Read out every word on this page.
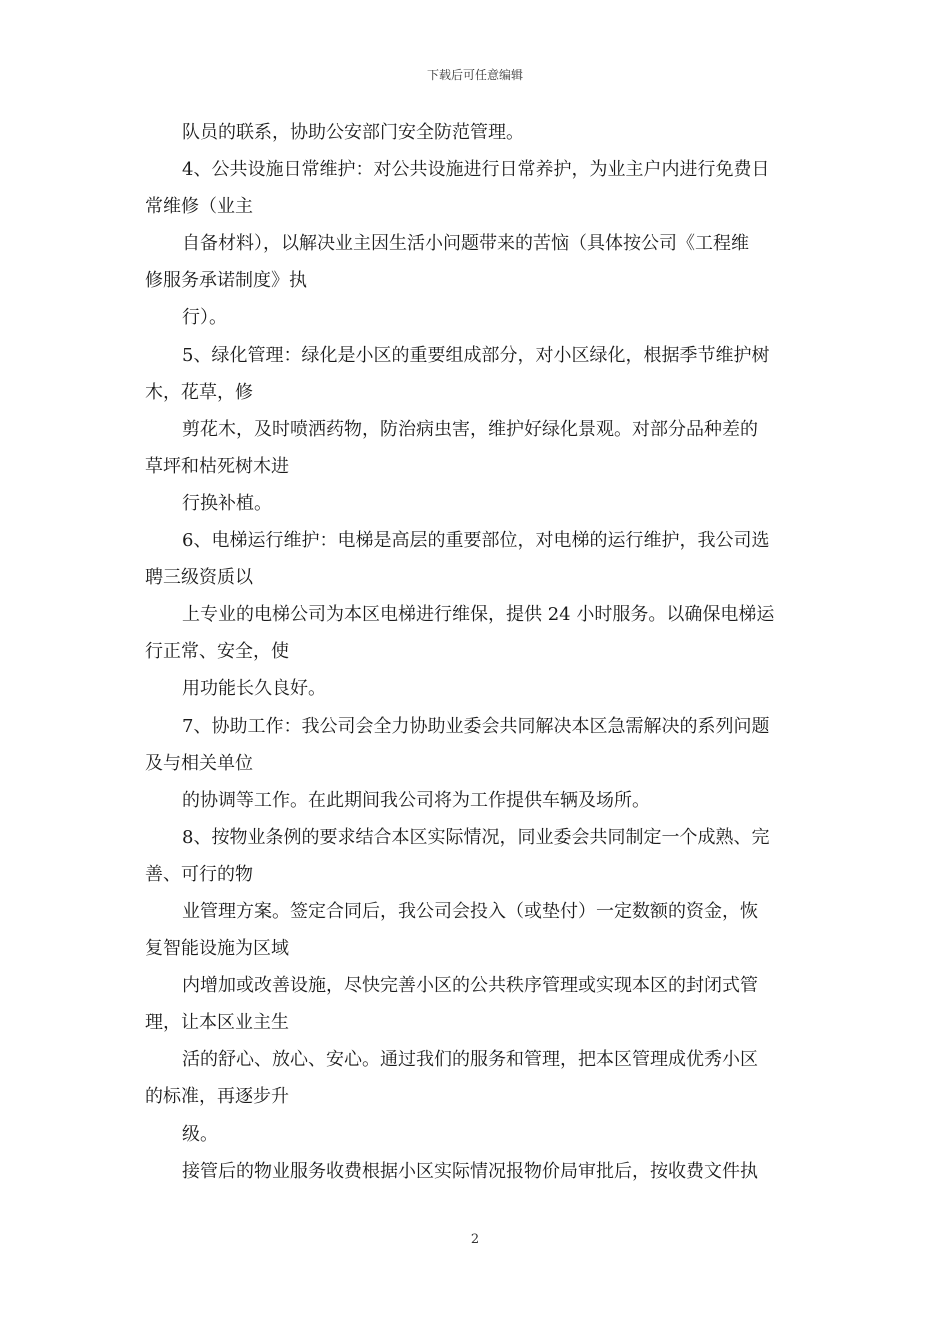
下载后可任意编辑
队员的联系，协助公安部门安全防范管理。
4、公共设施日常维护：对公共设施进行日常养护，为业主户内进行免费日
常维修（业主
自备材料），以解决业主因生活小问题带来的苦恼（具体按公司《工程维
修服务承诺制度》执
行）。
5、绿化管理：绿化是小区的重要组成部分，对小区绿化，根据季节维护树
木，花草，修
剪花木，及时喷洒药物，防治病虫害，维护好绿化景观。对部分品种差的
草坪和枯死树木进
行换补植。
6、电梯运行维护：电梯是高层的重要部位，对电梯的运行维护，我公司选
聘三级资质以
上专业的电梯公司为本区电梯进行维保，提供 24 小时服务。以确保电梯运
行正常、安全，使
用功能长久良好。
7、协助工作：我公司会全力协助业委会共同解决本区急需解决的系列问题
及与相关单位
的协调等工作。在此期间我公司将为工作提供车辆及场所。
8、按物业条例的要求结合本区实际情况，同业委会共同制定一个成熟、完
善、可行的物
业管理方案。签定合同后，我公司会投入（或垫付）一定数额的资金，恢
复智能设施为区域
内增加或改善设施，尽快完善小区的公共秩序管理或实现本区的封闭式管
理，让本区业主生
活的舒心、放心、安心。通过我们的服务和管理，把本区管理成优秀小区
的标准，再逐步升
级。
接管后的物业服务收费根据小区实际情况报物价局审批后，按收费文件执
2
